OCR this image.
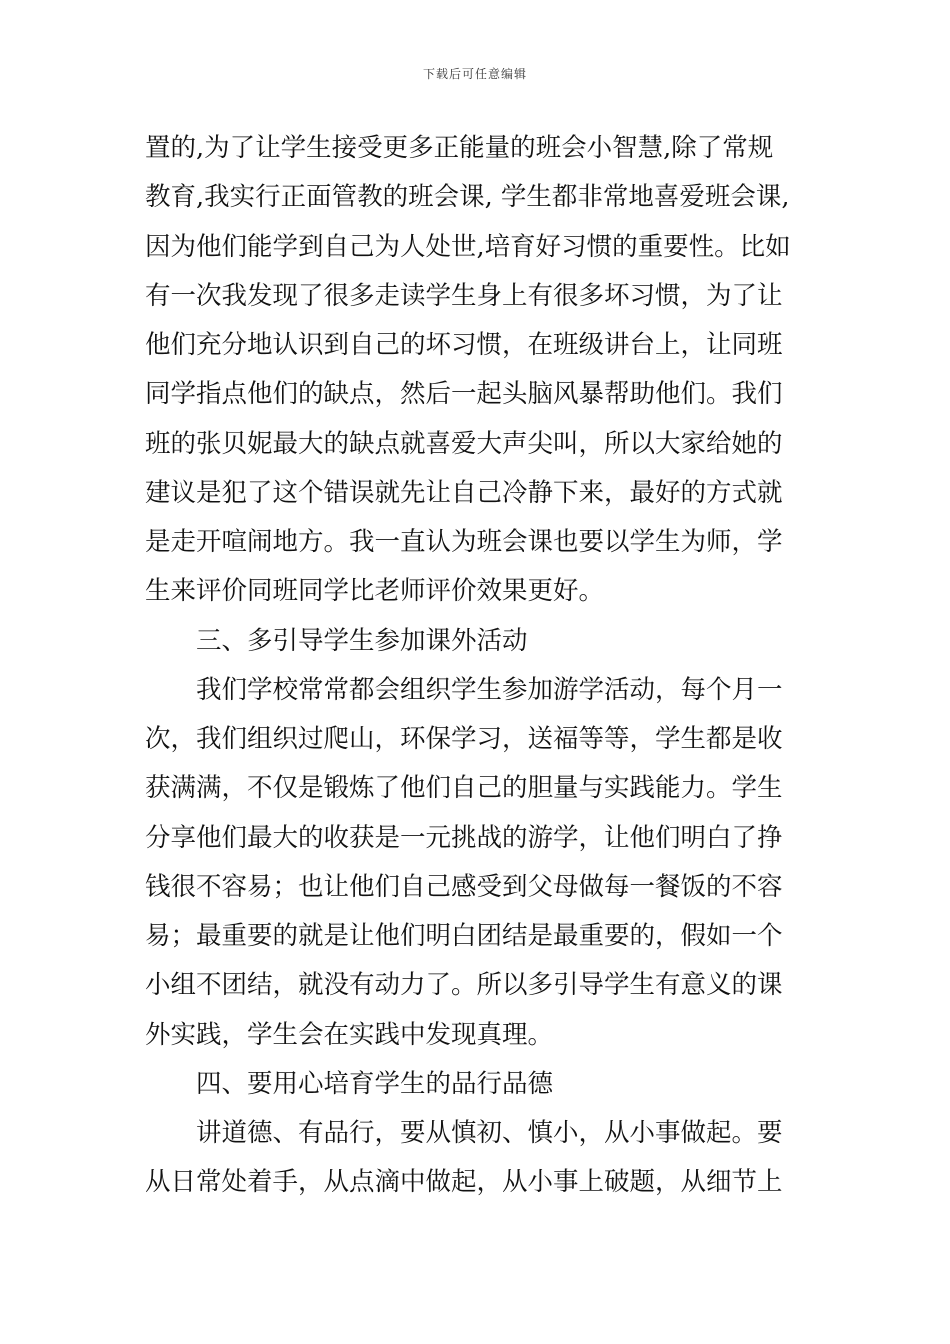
下载后可任意编辑
置的,为了让学生接受更多正能量的班会小智慧,除了常规
教育,我实行正面管教的班会课, 学生都非常地喜爱班会课,
因为他们能学到自己为人处世,培育好习惯的重要性。比如
有一次我发现了很多走读学生身上有很多坏习惯，为了让
他们充分地认识到自己的坏习惯，在班级讲台上，让同班
同学指点他们的缺点，然后一起头脑风暴帮助他们。我们
班的张贝妮最大的缺点就喜爱大声尖叫，所以大家给她的
建议是犯了这个错误就先让自己冷静下来，最好的方式就
是走开喧闹地方。我一直认为班会课也要以学生为师，学
生来评价同班同学比老师评价效果更好。
三、多引导学生参加课外活动
我们学校常常都会组织学生参加游学活动，每个月一
次，我们组织过爬山，环保学习，送福等等，学生都是收
获满满，不仅是锻炼了他们自己的胆量与实践能力。学生
分享他们最大的收获是一元挑战的游学，让他们明白了挣
钱很不容易；也让他们自己感受到父母做每一餐饭的不容
易；最重要的就是让他们明白团结是最重要的，假如一个
小组不团结，就没有动力了。所以多引导学生有意义的课
外实践，学生会在实践中发现真理。
四、要用心培育学生的品行品德
讲道德、有品行，要从慎初、慎小，从小事做起。要
从日常处着手，从点滴中做起，从小事上破题，从细节上
